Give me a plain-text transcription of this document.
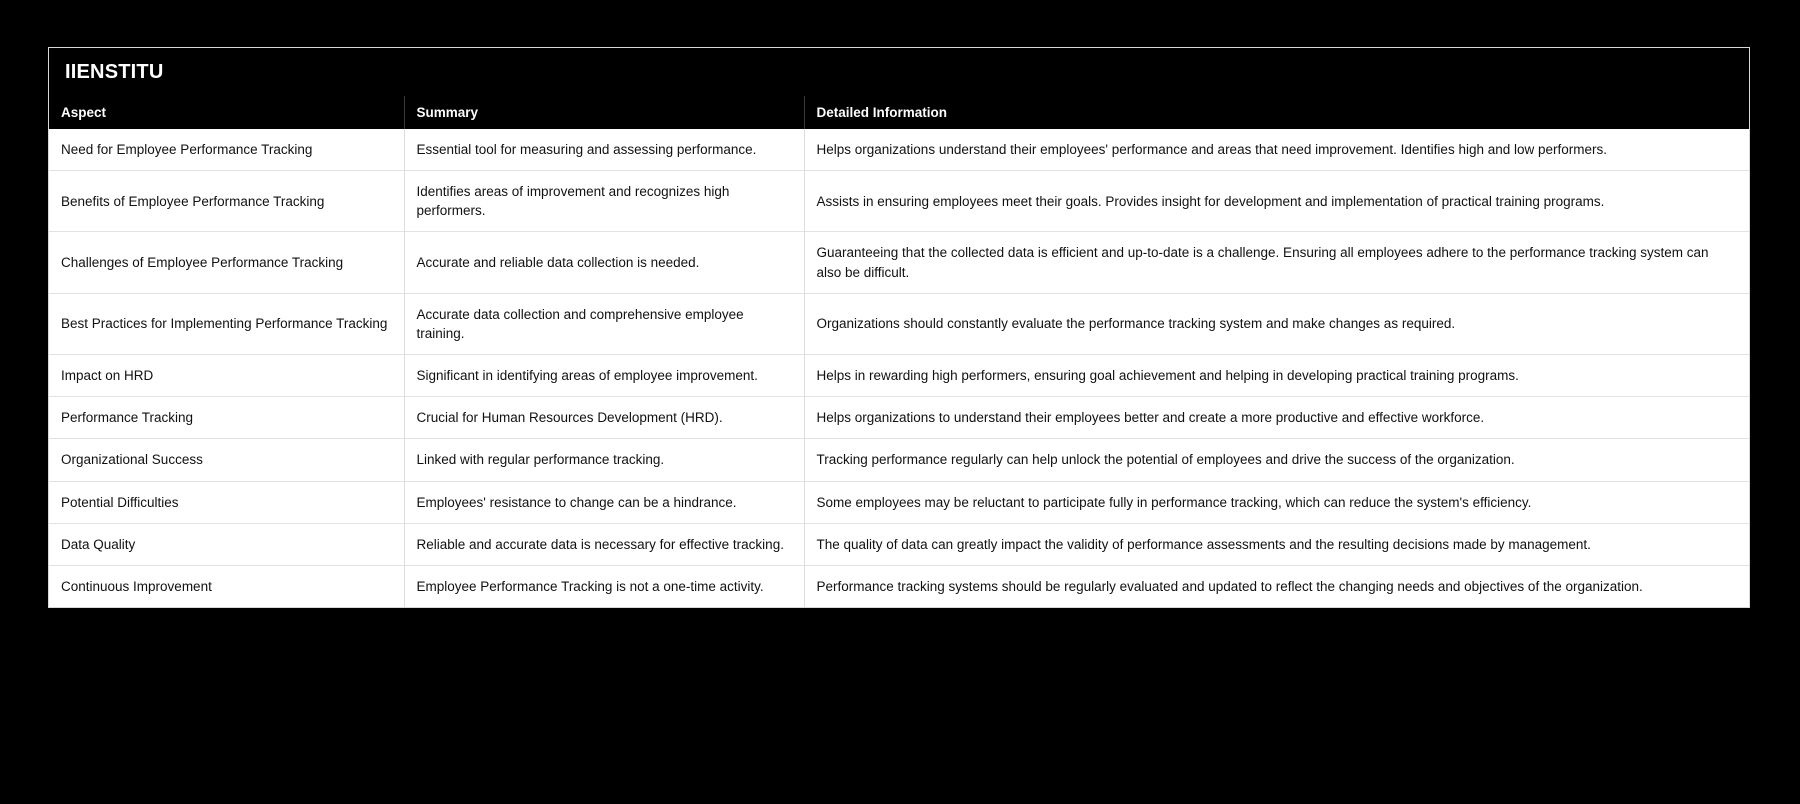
IIENSTITU
Aspect	Summary	Detailed Information
Need for Employee Performance Tracking	Essential tool for measuring and assessing performance.	Helps organizations understand their employees' performance and areas that need improvement. Identifies high and low performers.
Benefits of Employee Performance Tracking	Identifies areas of improvement and recognizes high performers.	Assists in ensuring employees meet their goals. Provides insight for development and implementation of practical training programs.
Challenges of Employee Performance Tracking	Accurate and reliable data collection is needed.	Guaranteeing that the collected data is efficient and up-to-date is a challenge. Ensuring all employees adhere to the performance tracking system can also be difficult.
Best Practices for Implementing Performance Tracking	Accurate data collection and comprehensive employee training.	Organizations should constantly evaluate the performance tracking system and make changes as required.
Impact on HRD	Significant in identifying areas of employee improvement.	Helps in rewarding high performers, ensuring goal achievement and helping in developing practical training programs.
Performance Tracking	Crucial for Human Resources Development (HRD).	Helps organizations to understand their employees better and create a more productive and effective workforce.
Organizational Success	Linked with regular performance tracking.	Tracking performance regularly can help unlock the potential of employees and drive the success of the organization.
Potential Difficulties	Employees' resistance to change can be a hindrance.	Some employees may be reluctant to participate fully in performance tracking, which can reduce the system's efficiency.
Data Quality	Reliable and accurate data is necessary for effective tracking.	The quality of data can greatly impact the validity of performance assessments and the resulting decisions made by management.
Continuous Improvement	Employee Performance Tracking is not a one-time activity.	Performance tracking systems should be regularly evaluated and updated to reflect the changing needs and objectives of the organization.
